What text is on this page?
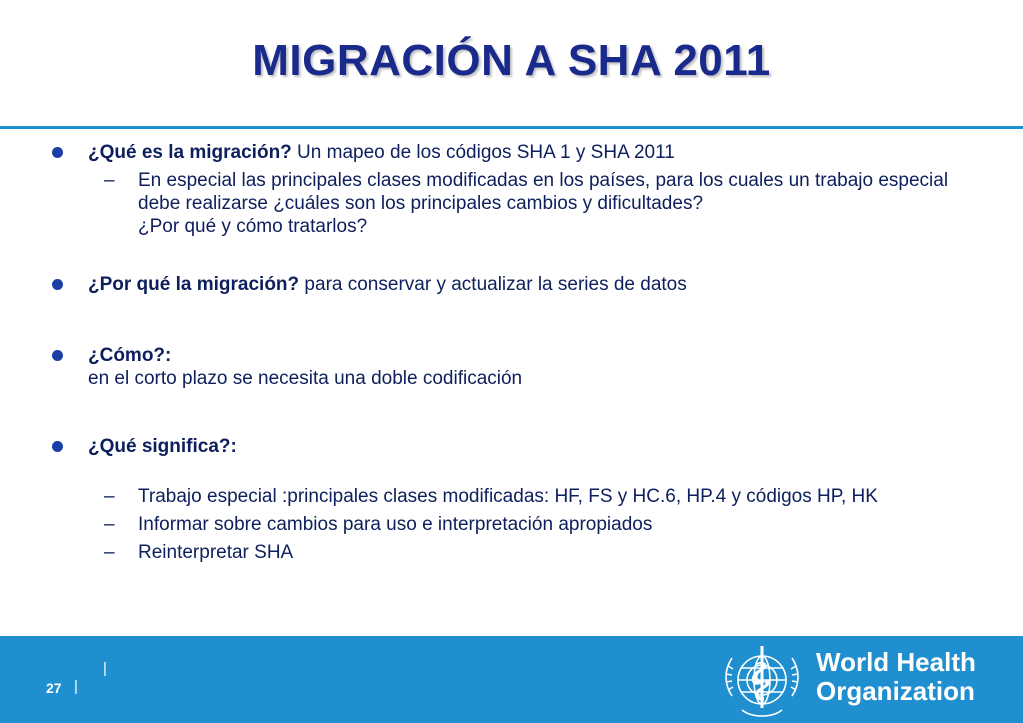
MIGRACIÓN A SHA 2011
¿Qué es la migración? Un mapeo de los códigos SHA 1 y SHA 2011
– En especial las principales clases modificadas en los países, para los cuales un trabajo especial debe realizarse ¿cuáles son los principales cambios y dificultades?
¿Por qué y cómo tratarlos?
¿Por qué la migración? para conservar y actualizar la series de datos
¿Cómo?:
en el corto plazo se necesita una doble codificación
¿Qué significa?:
– Trabajo especial :principales clases modificadas: HF, FS y HC.6, HP.4 y códigos HP, HK
– Informar sobre cambios para uso e interpretación apropiados
– Reinterpretar SHA
27 |
|	World Health
Organization
